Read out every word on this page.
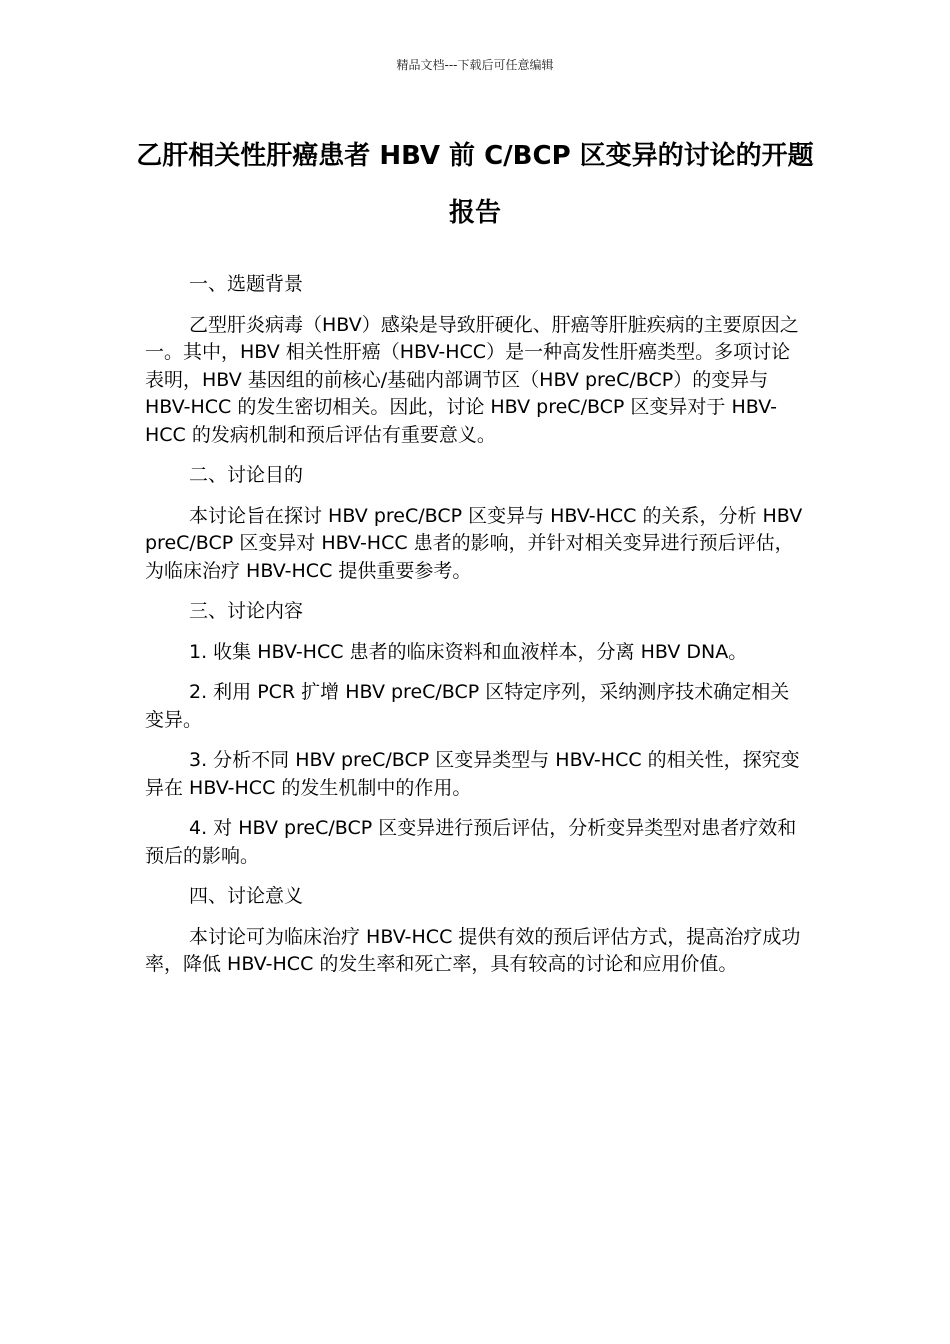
精品文档---下载后可任意编辑
乙肝相关性肝癌患者 HBV 前 C/BCP 区变异的讨论的开题报告

一、选题背景

乙型肝炎病毒（HBV）感染是导致肝硬化、肝癌等肝脏疾病的主要原因之一。其中，HBV 相关性肝癌（HBV-HCC）是一种高发性肝癌类型。多项讨论表明，HBV 基因组的前核心/基础内部调节区（HBV preC/BCP）的变异与 HBV-HCC 的发生密切相关。因此，讨论 HBV preC/BCP 区变异对于 HBV-HCC 的发病机制和预后评估有重要意义。

二、讨论目的

本讨论旨在探讨 HBV preC/BCP 区变异与 HBV-HCC 的关系，分析 HBV preC/BCP 区变异对 HBV-HCC 患者的影响，并针对相关变异进行预后评估，为临床治疗 HBV-HCC 提供重要参考。

三、讨论内容

1. 收集 HBV-HCC 患者的临床资料和血液样本，分离 HBV DNA。

2. 利用 PCR 扩增 HBV preC/BCP 区特定序列，采纳测序技术确定相关变异。

3. 分析不同 HBV preC/BCP 区变异类型与 HBV-HCC 的相关性，探究变异在 HBV-HCC 的发生机制中的作用。

4. 对 HBV preC/BCP 区变异进行预后评估，分析变异类型对患者疗效和预后的影响。

四、讨论意义

本讨论可为临床治疗 HBV-HCC 提供有效的预后评估方式，提高治疗成功率，降低 HBV-HCC 的发生率和死亡率，具有较高的讨论和应用价值。
